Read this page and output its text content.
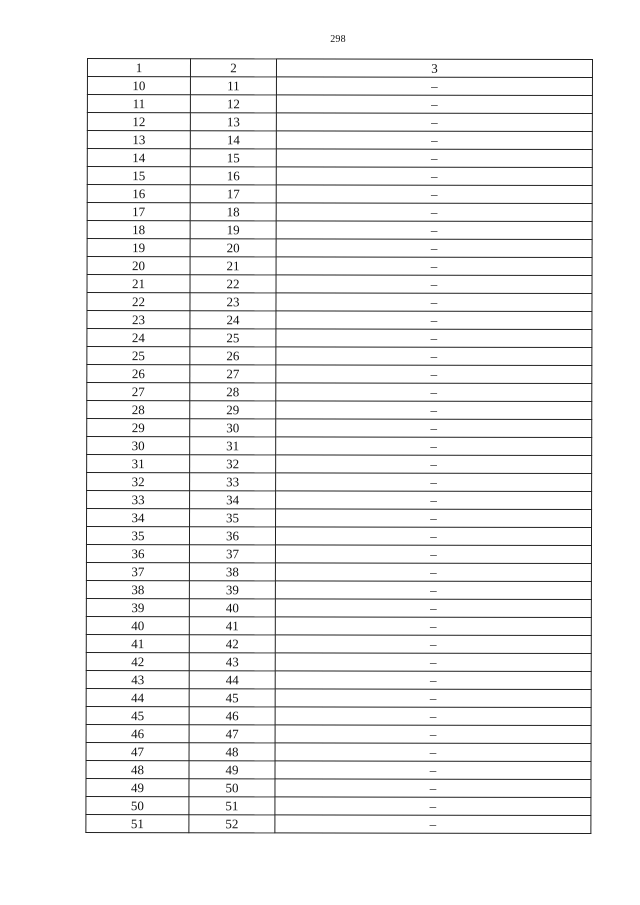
298
1	2	3
10	11	–
11	12	–
12	13	–
13	14	–
14	15	–
15	16	–
16	17	–
17	18	–
18	19	–
19	20	–
20	21	–
21	22	–
22	23	–
23	24	–
24	25	–
25	26	–
26	27	–
27	28	–
28	29	–
29	30	–
30	31	–
31	32	–
32	33	–
33	34	–
34	35	–
35	36	–
36	37	–
37	38	–
38	39	–
39	40	–
40	41	–
41	42	–
42	43	–
43	44	–
44	45	–
45	46	–
46	47	–
47	48	–
48	49	–
49	50	–
50	51	–
51	52	–
